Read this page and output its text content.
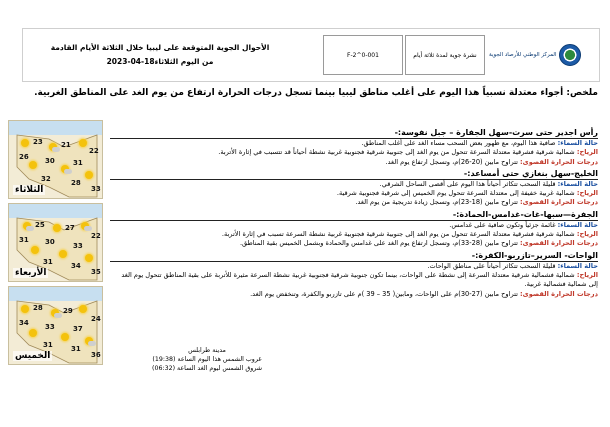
الأحوال الجوية المتوقعة على ليبيا خلال الثلاثة الأيام القادمة
من اليوم الثلاثاء18-04-2023
F-2^0-001	نشرة جوية لمدة ثلاثة أيام	المركز الوطني للأرصاد الجوية
ملخص: أجواء معتدلة نسبياً هذا اليوم على أغلب مناطق ليبيا بينما تسجل درجات الحرارة ارتفاع من يوم الغد على المناطق الغربية.
23	21
22
26 30	31
32	28
33
الثلاثاء
25	27
22
31 30	33
31	34
35
الأربعاء
28	29
24
34 33	37
31	31
36
الخميس
مدينة طرابلس
غروب الشمس هذا اليوم الساعة (19:38)
شروق الشمس ليوم الغد الساعة (06:32)
رأس اجدير حتى سرت-سهل الجفارة – جبل نفوسة:-
حالة السماء: صافية هذا اليوم، مع ظهور بعض السحب مساء الغد على أغلب المناطق.
الرياح: شمالية شرقية فشرقية معتدلة السرعة تتحول من يوم الغد إلى جنوبية شرقية فجنوبية غربية نشطة أحياناً قد تتسبب في إثارة الأتربة.
درجات الحرارة القصوى: تتراوح مابين (20-26)م، وتسجل ارتفاع يوم الغد.
الخليج-سهل بنغازي حتى أمساعد:-
حالة السماء: قليلة السحب تتكاثر أحياناً هذا اليوم على أقصى الساحل الشرقي.
الرياح: شمالية غربية خفيفة إلى معتدلة السرعة تتحول يوم الخميس إلى شرقية فجنوبية شرقية.
درجات الحرارة القصوى: تتراوح مابين (18-23)م، وتسجل زيادة تدريجية من يوم الغد.
الجفرة—سبها-غات-غدامس-الحمادة:-
حالة السماء: غائمة جزئياً وتكون صافية على غدامس.
الرياح: شمالية شرقية فشرقية معتدلة السرعة تتحول من يوم الغد إلى جنوبية شرقية فجنوبية غربية نشطة السرعة تسبب في إثارة الأتربة.
درجات الحرارة القصوى: تتراوح مابين (28-33)م، وتسجل ارتفاع يوم الغد على غدامس والحمادة وبشمل الخميس بقية المناطق.
الواحات- السرير–تازربو-الكفرة:-
حالة السماء: قليلة السحب تتكاثر أحياناً على مناطق الواحات.
الرياح: شمالية فشمالية شرقية معتدلة السرعة إلى نشطة على الواحات، بينما تكون جنوبية شرقية فجنوبية غربية نشطة السرعة مثيرة للأتربة على بقية المناطق تتحول يوم الغد إلى شمالية فشمالية غربية.
درجات الحرارة القصوى: تتراوح مابين (27-30)م على الواحات، ومابين( 35 – 39 )م على تازربو والكفرة، وتنخفض يوم الغد.
